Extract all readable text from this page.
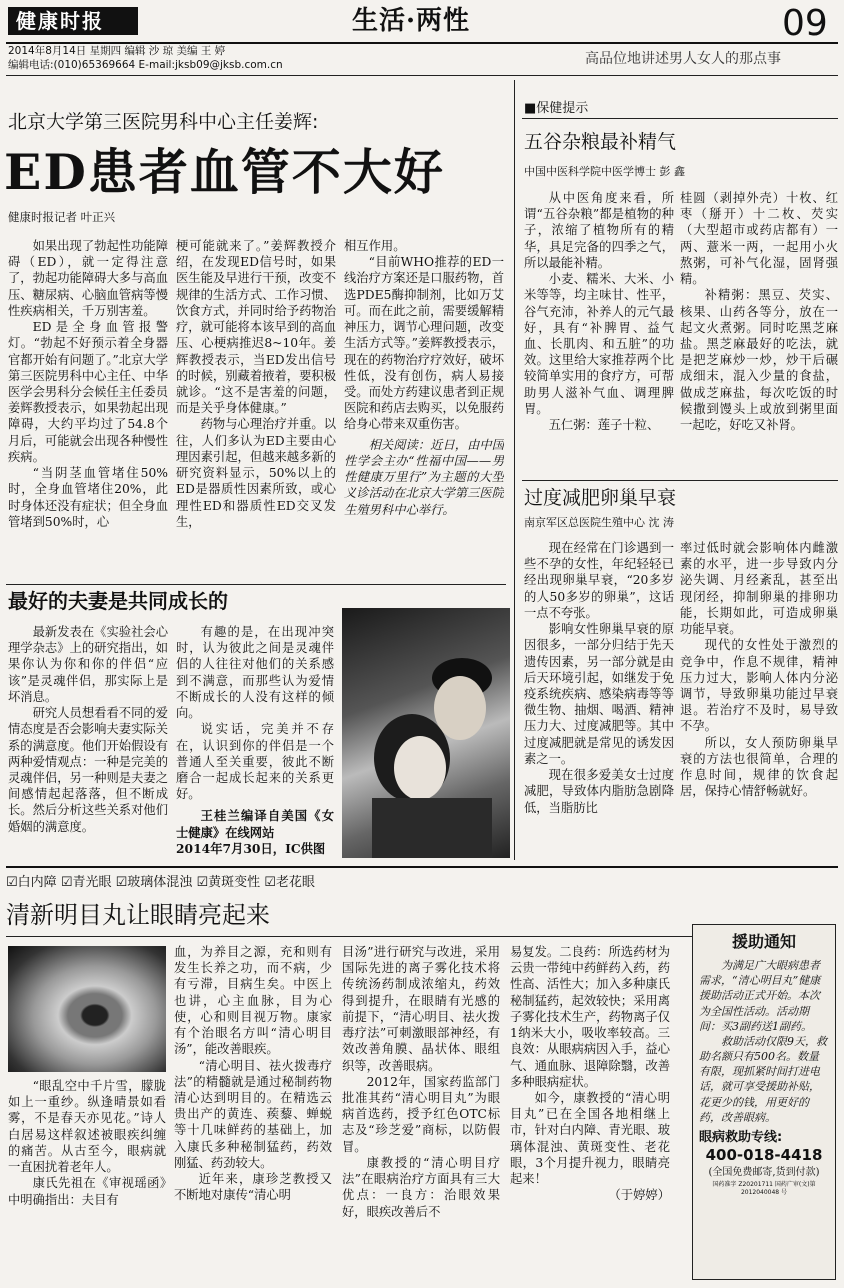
健康时报	生活·两性	09
2014年8月14日 星期四 编辑 沙 琼 美编 王 婷
编辑电话:(010)65369664 E-mail:jksb09@jksb.com.cn	高品位地讲述男人女人的那点事
北京大学第三医院男科中心主任姜辉:
ED患者血管不大好
健康时报记者 叶正兴

如果出现了勃起性功能障碍（ED），就一定得注意了，勃起功能障碍大多与高血压、糖尿病、心脑血管病等慢性疾病相关，千万别害羞。

ED是全身血管报警灯。“勃起不好预示着全身器官都开始有问题了。”北京大学第三医院男科中心主任、中华医学会男科分会候任主任委员姜辉教授表示，如果勃起出现障碍，大约平均过了54.8个月后，可能就会出现各种慢性疾病。

“当阴茎血管堵住50%时，全身血管堵住20%，此时身体还没有症状；但全身血管堵到50%时，心

梗可能就来了。”姜辉教授介绍，在发现ED信号时，如果医生能及早进行干预，改变不规律的生活方式、工作习惯、饮食方式，并同时给予药物治疗，就可能将本该早到的高血压、心梗病推迟8~10年。姜辉教授表示，当ED发出信号的时候，别藏着掖着，要积极就诊。“这不是害羞的问题，而是关乎身体健康。”

药物与心理治疗并重。以往，人们多认为ED主要由心理因素引起，但越来越多新的研究资料显示，50%以上的ED是器质性因素所致，或心理性ED和器质性ED交叉发生，

相互作用。

“目前WHO推荐的ED一线治疗方案还是口服药物，首选PDE5酶抑制剂，比如万艾可。而在此之前，需要缓解精神压力，调节心理问题，改变生活方式等。”姜辉教授表示，现在的药物治疗疗效好，破坏性低，没有创伤，病人易接受。而处方药建议患者到正规医院和药店去购买，以免服药给身心带来双重伤害。

相关阅读：近日，由中国性学会主办“性福中国——男性健康万里行”为主题的大型义诊活动在北京大学第三医院生殖男科中心举行。

■保健提示
五谷杂粮最补精气
中国中医科学院中医学博士 彭 鑫

从中医角度来看，所谓“五谷杂粮”都是植物的种子，浓缩了植物所有的精华，具足完备的四季之气，所以最能补精。

小麦、糯米、大米、小米等等，均主味甘、性平，谷气充沛，补养人的元气最好，具有“补脾胃、益气血、长肌肉、和五脏”的功效。这里给大家推荐两个比较简单实用的食疗方，可帮助男人滋补气血、调理脾胃。

五仁粥：莲子十粒、

桂圆（剥掉外壳）十枚、红枣（掰开）十二枚、芡实（大型超市或药店都有）一两、薏米一两，一起用小火熬粥，可补气化湿，固肾强精。

补精粥：黑豆、芡实、核果、山药各等分，放在一起文火煮粥。同时吃黑芝麻盐。黑芝麻最好的吃法，就是把芝麻炒一炒，炒干后碾成细末，混入少量的食盐，做成芝麻盐，每次吃饭的时候撒到馒头上或放到粥里面一起吃，好吃又补肾。

过度减肥卵巢早衰
南京军区总医院生殖中心 沈 涛

现在经常在门诊遇到一些不孕的女性，年纪轻轻已经出现卵巢早衰，“20多岁的人50多岁的卵巢”，这话一点不夸张。

影响女性卵巢早衰的原因很多，一部分归结于先天遗传因素，另一部分就是由后天环境引起，如继发于免疫系统疾病、感染病毒等等微生物、抽烟、喝酒、精神压力大、过度减肥等。其中过度减肥就是常见的诱发因素之一。

现在很多爱美女士过度减肥，导致体内脂肪急剧降低，当脂肪比

率过低时就会影响体内雌激素的水平，进一步导致内分泌失调、月经紊乱，甚至出现闭经，抑制卵巢的排卵功能，长期如此，可造成卵巢功能早衰。

现代的女性处于激烈的竞争中，作息不规律，精神压力过大，影响人体内分泌调节，导致卵巢功能过早衰退。若治疗不及时，易导致不孕。

所以，女人预防卵巢早衰的方法也很简单，合理的作息时间，规律的饮食起居，保持心情舒畅就好。

最好的夫妻是共同成长的

最新发表在《实验社会心理学杂志》上的研究指出，如果你认为你和你的伴侣“应该”是灵魂伴侣，那实际上是坏消息。

研究人员想看看不同的爱情态度是否会影响夫妻实际关系的满意度。他们开始假设有两种爱情观点：一种是完美的灵魂伴侣，另一种则是夫妻之间感情起起落落，但不断成长。然后分析这些关系对他们婚姻的满意度。

有趣的是，在出现冲突时，认为彼此之间是灵魂伴侣的人往往对他们的关系感到不满意，而那些认为爱情不断成长的人没有这样的倾向。

说实话，完美并不存在，认识到你的伴侣是一个普通人至关重要，彼此不断磨合一起成长起来的关系更好。

王桂兰编译自美国《女士健康》在线网站

2014年7月30日，IC供图

☑白内障 ☑青光眼 ☑玻璃体混浊 ☑黄斑变性 ☑老花眼
清新明目丸让眼睛亮起来

“眼乱空中千片雪，朦胧如上一重纱。纵逢晴景如看雾，不是春天亦见花。”诗人白居易这样叙述被眼疾纠缠的痛苦。从古至今，眼病就一直困扰着老年人。

康氏先祖在《审视瑶函》中明确指出：夫目有

血，为养目之源，充和则有发生长养之功，而不病，少有亏滞，目病生矣。中医上也讲，心主血脉，目为心使，心和则目视万物。康家有个治眼名方叫“清心明目汤”，能改善眼疾。

“清心明目、祛火拨毒疗法”的精髓就是通过秘制药物清心达到明目的。在精选云贵出产的黄连、蒺藜、蝉蜕等十几味鲜药的基础上，加入康氏多种秘制猛药，药效刚猛、药劲较大。

近年来，康珍芝教授又不断地对康传“清心明

目汤”进行研究与改进，采用国际先进的离子雾化技术将传统汤药制成浓缩丸，药效得到提升，在眼睛有光感的前提下，“清心明目、祛火拨毒疗法”可刺激眼部神经，有效改善角膜、晶状体、眼组织等，改善眼病。

2012年，国家药监部门批准其药“清心明目丸”为眼病首选药，授予红色OTC标志及“珍芝爱”商标，以防假冒。

康教授的“清心明目疗法”在眼病治疗方面具有三大优点：一良方：治眼效果好，眼疾改善后不

易复发。二良药：所选药材为云贵一带纯中药鲜药入药，药性高、活性大；加入多种康氏秘制猛药，起效较快；采用离子雾化技术生产，药物离子仅1纳米大小，吸收率较高。三良效：从眼病病因入手，益心气、通血脉、退障除翳，改善多种眼病症状。

如今，康教授的“清心明目丸”已在全国各地相继上市，针对白内障、青光眼、玻璃体混浊、黄斑变性、老花眼，3个月提升视力，眼睛亮起来！

（于婷婷）

援助通知
为满足广大眼病患者需求，“清心明目丸”健康援助活动正式开始。本次为全国性活动。活动期间：买3副药送1副药。
救助活动仅限9天，救助名额只有500名。数量有限，现抓紧时间打进电话，就可享受援助补贴，花更少的钱，用更好的药，改善眼病。
眼病救助专线:
400-018-4418
(全国免费邮寄,货到付款)
国药准字 Z20201711 国药广审(文)第 2012040048 号
